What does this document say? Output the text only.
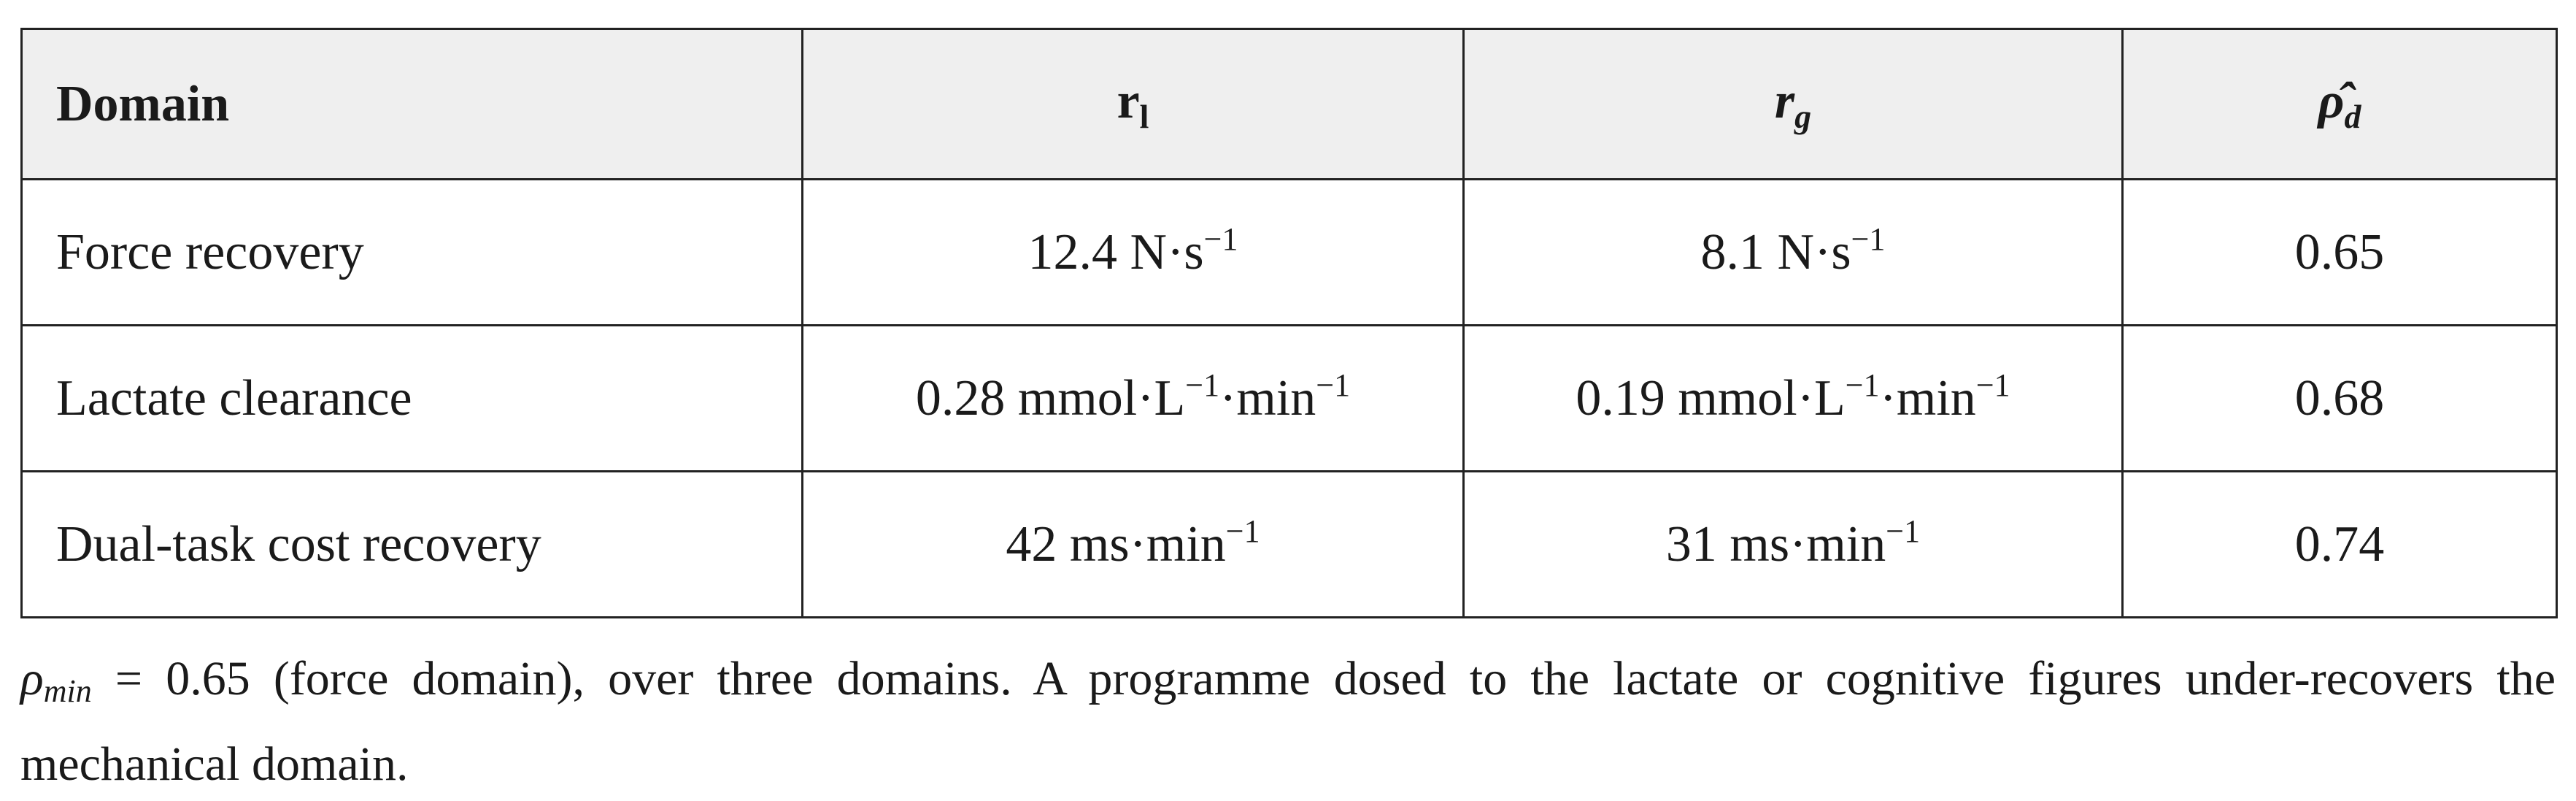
Domain	$r_l$	$r_g$	$\rhô_d$
Force recovery	12.4 $N\cdot s^{-1}$	8.1 $N\cdot s^{-1}$	0.65
Lactate clearance	0.28 $mmol\cdot L^{-1}\cdot\min^{-1}$	0.19 $mmol\cdot L^{-1}\cdot\min^{-1}$	0.68
Dual-task cost recovery	42 $ms\cdot\min^{-1}$	31 $ms\cdot\min^{-1}$	0.74
ρmin = 0.65 (force domain), over three domains. A programme dosed to the lactate or cognitive figures under-recovers the mechanical domain.
